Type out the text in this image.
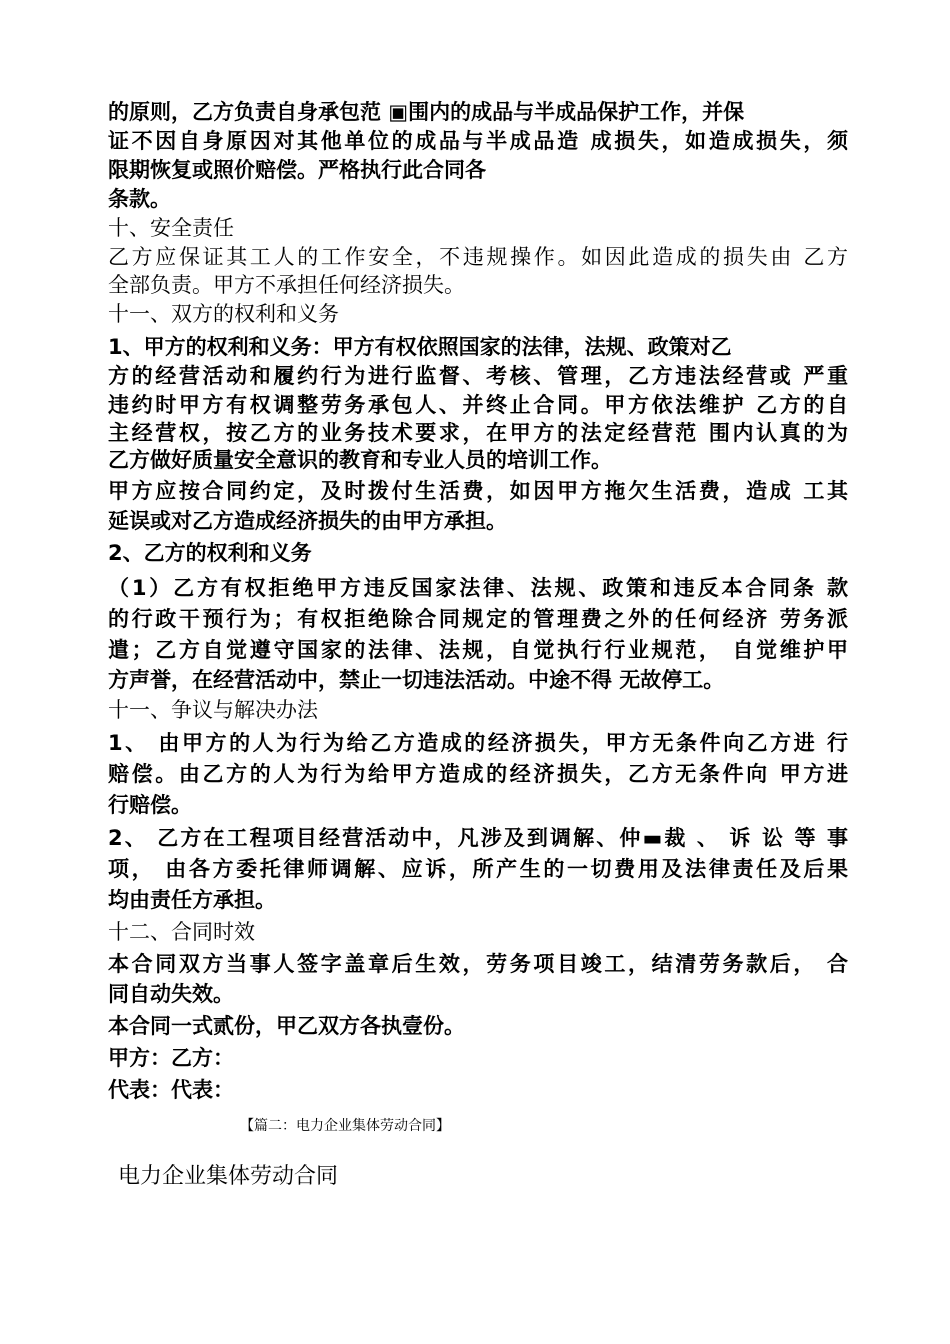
的原则，乙方负责自身承包范 ▣围内的成品与半成品保护工作，并保
证不因自身原因对其他单位的成品与半成品造 成损失，如造成损失，须
限期恢复或照价赔偿。严格执行此合同各
条款。
十、安全责任
乙方应保证其工人的工作安全，不违规操作。如因此造成的损失由 乙方
全部负责。甲方不承担任何经济损失。
十一、双方的权利和义务
1、甲方的权利和义务：甲方有权依照国家的法律，法规、政策对乙
方的经营活动和履约行为进行监督、考核、管理，乙方违法经营或 严重
违约时甲方有权调整劳务承包人、并终止合同。甲方依法维护 乙方的自
主经营权，按乙方的业务技术要求，在甲方的法定经营范 围内认真的为
乙方做好质量安全意识的教育和专业人员的培训工作。
甲方应按合同约定，及时拨付生活费，如因甲方拖欠生活费，造成 工其
延误或对乙方造成经济损失的由甲方承担。
2、乙方的权利和义务
（1）乙方有权拒绝甲方违反国家法律、法规、政策和违反本合同条 款
的行政干预行为；有权拒绝除合同规定的管理费之外的任何经济 劳务派
遣；乙方自觉遵守国家的法律、法规，自觉执行行业规范， 自觉维护甲
方声誉，在经营活动中，禁止一切违法活动。中途不得 无故停工。
十一、争议与解决办法
1、 由甲方的人为行为给乙方造成的经济损失，甲方无条件向乙方进 行
赔偿。由乙方的人为行为给甲方造成的经济损失，乙方无条件向 甲方进
行赔偿。
2、 乙方在工程项目经营活动中，凡涉及到调解、仲▬裁 、 诉 讼 等 事
项， 由各方委托律师调解、应诉，所产生的一切费用及法律责任及后果
均由责任方承担。
十二、合同时效
本合同双方当事人签字盖章后生效，劳务项目竣工，结清劳务款后， 合
同自动失效。
本合同一式贰份，甲乙双方各执壹份。
甲方：乙方：
代表：代表：
【篇二：电力企业集体劳动合同】
电力企业集体劳动合同
